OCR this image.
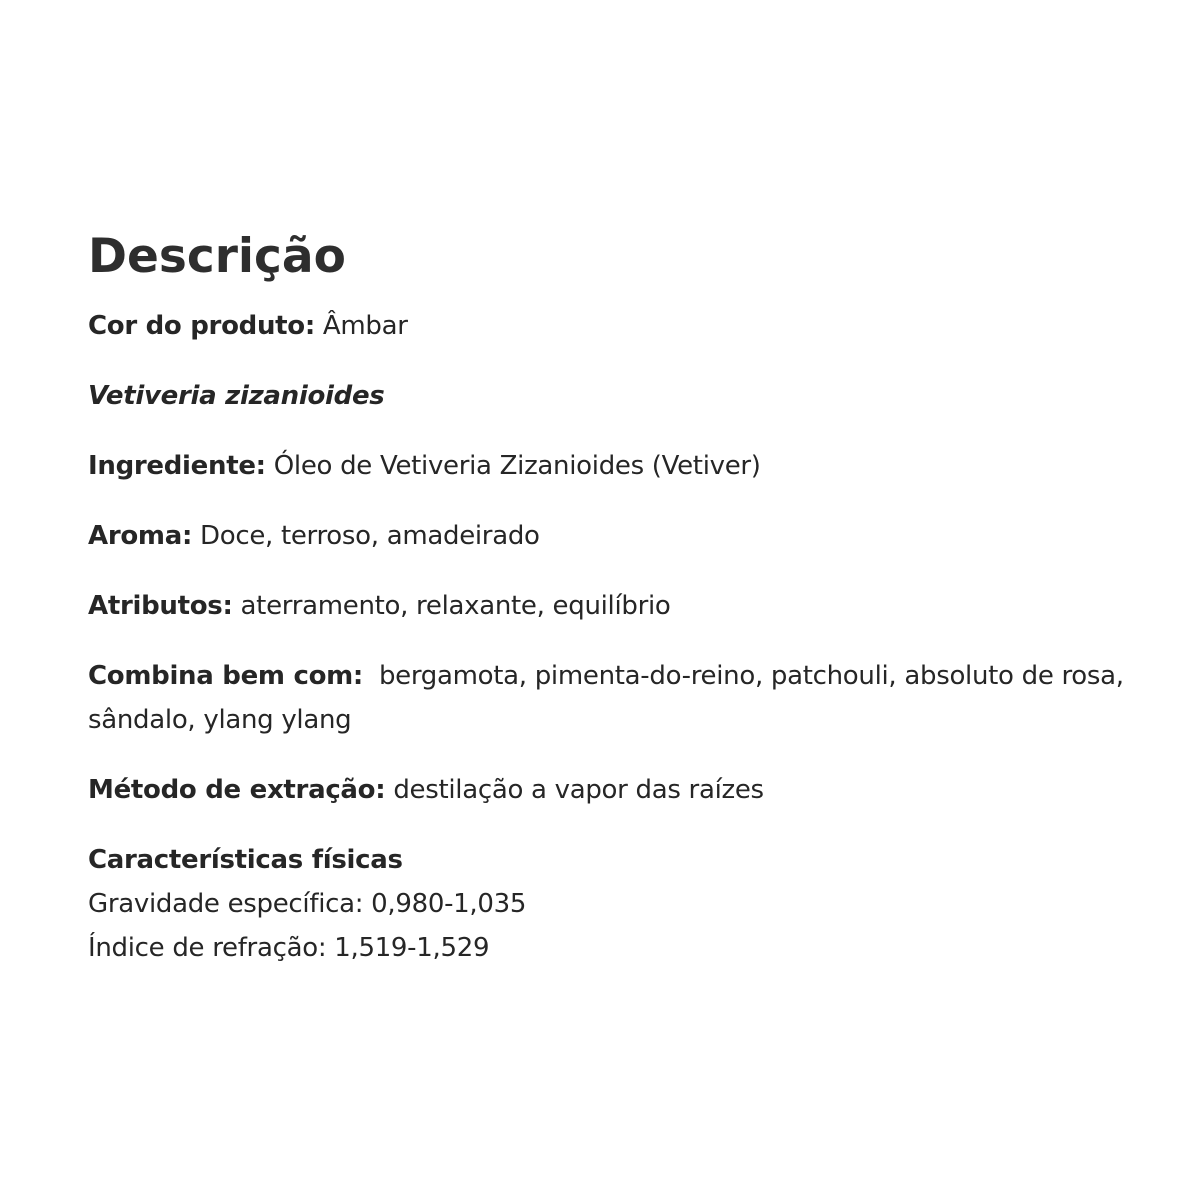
Descrição

Cor do produto: Âmbar

Vetiveria zizanioides

Ingrediente: Óleo de Vetiveria Zizanioides (Vetiver)

Aroma: Doce, terroso, amadeirado

Atributos: aterramento, relaxante, equilíbrio

Combina bem com: bergamota, pimenta-do-reino, patchouli, absoluto de rosa, sândalo, ylang ylang

Método de extração: destilação a vapor das raízes

Características físicas
Gravidade específica: 0,980-1,035
Índice de refração: 1,519-1,529
